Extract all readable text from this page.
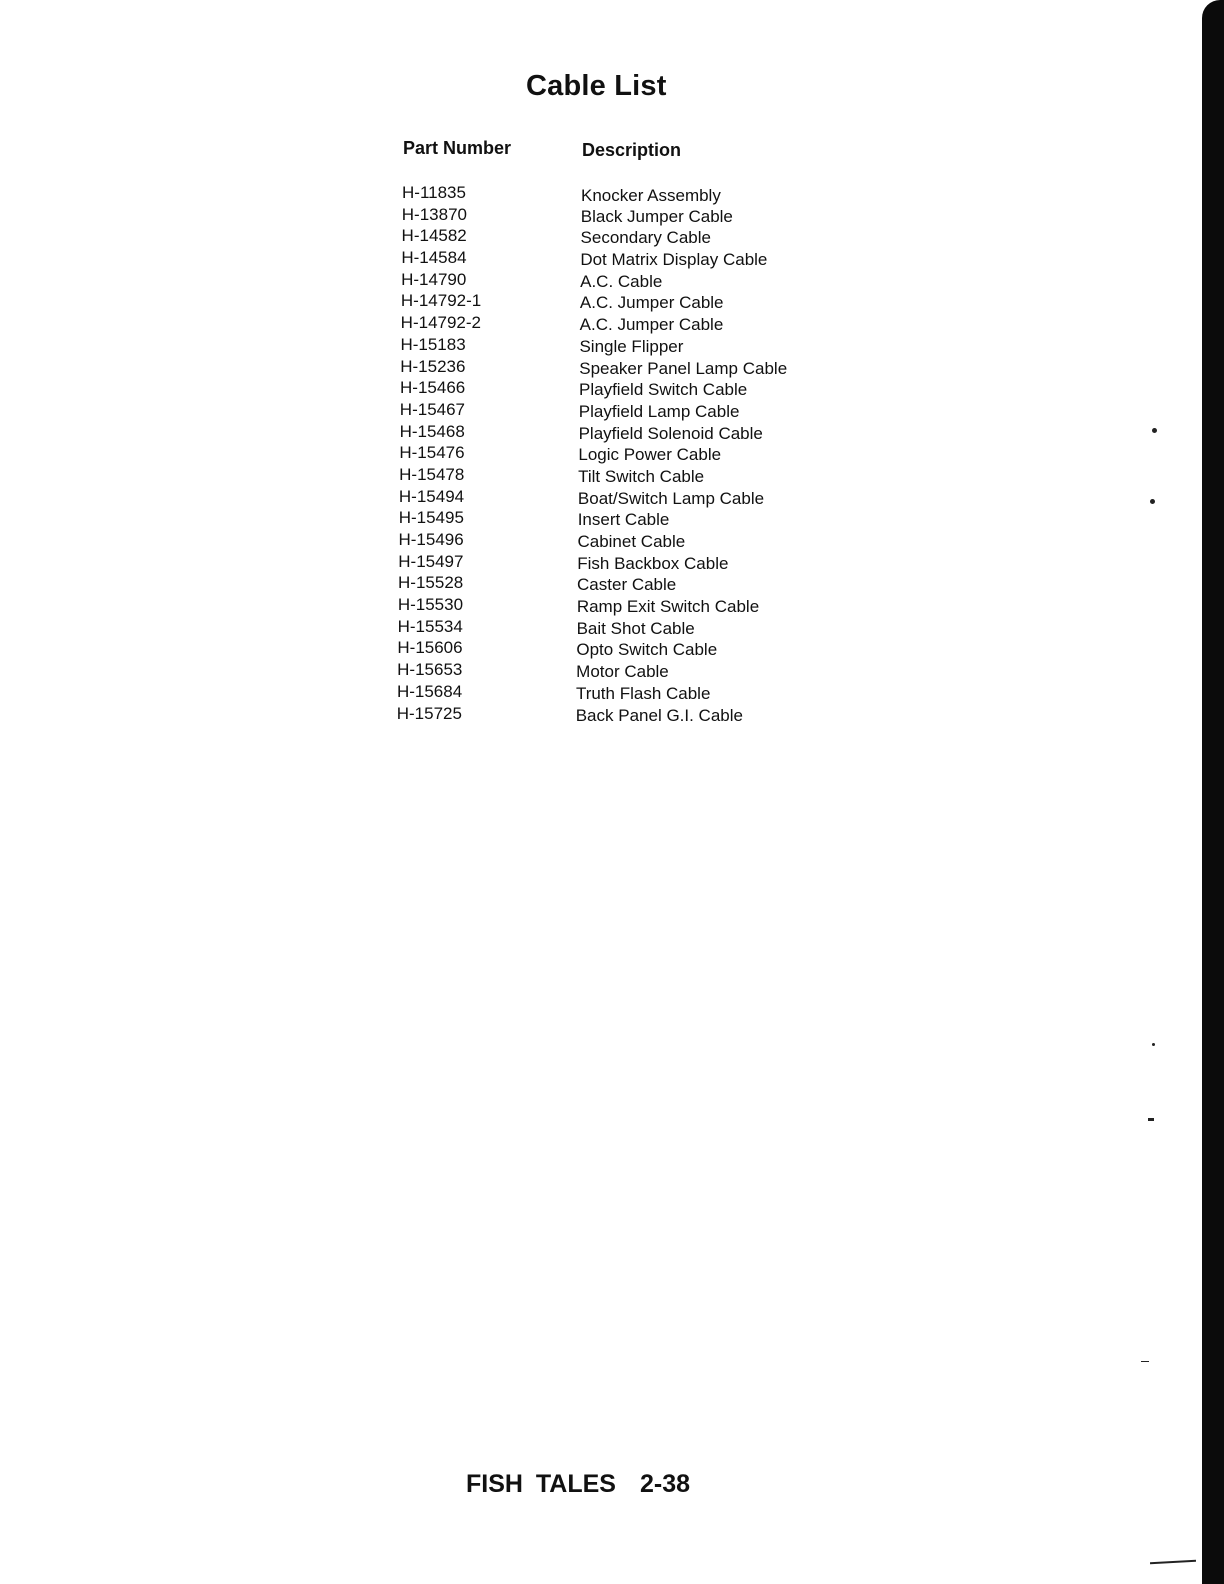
Cable List
Part Number	Description
H-11835	Knocker Assembly
H-13870	Black Jumper Cable
H-14582	Secondary Cable
H-14584	Dot Matrix Display Cable
H-14790	A.C. Cable
H-14792-1	A.C. Jumper Cable
H-14792-2	A.C. Jumper Cable
H-15183	Single Flipper
H-15236	Speaker Panel Lamp Cable
H-15466	Playfield Switch Cable
H-15467	Playfield Lamp Cable
H-15468	Playfield Solenoid Cable
H-15476	Logic Power Cable
H-15478	Tilt Switch Cable
H-15494	Boat/Switch Lamp Cable
H-15495	Insert Cable
H-15496	Cabinet Cable
H-15497	Fish Backbox Cable
H-15528	Caster Cable
H-15530	Ramp Exit Switch Cable
H-15534	Bait Shot Cable
H-15606	Opto Switch Cable
H-15653	Motor Cable
H-15684	Truth Flash Cable
H-15725	Back Panel G.I. Cable
FISH TALES 2-38
